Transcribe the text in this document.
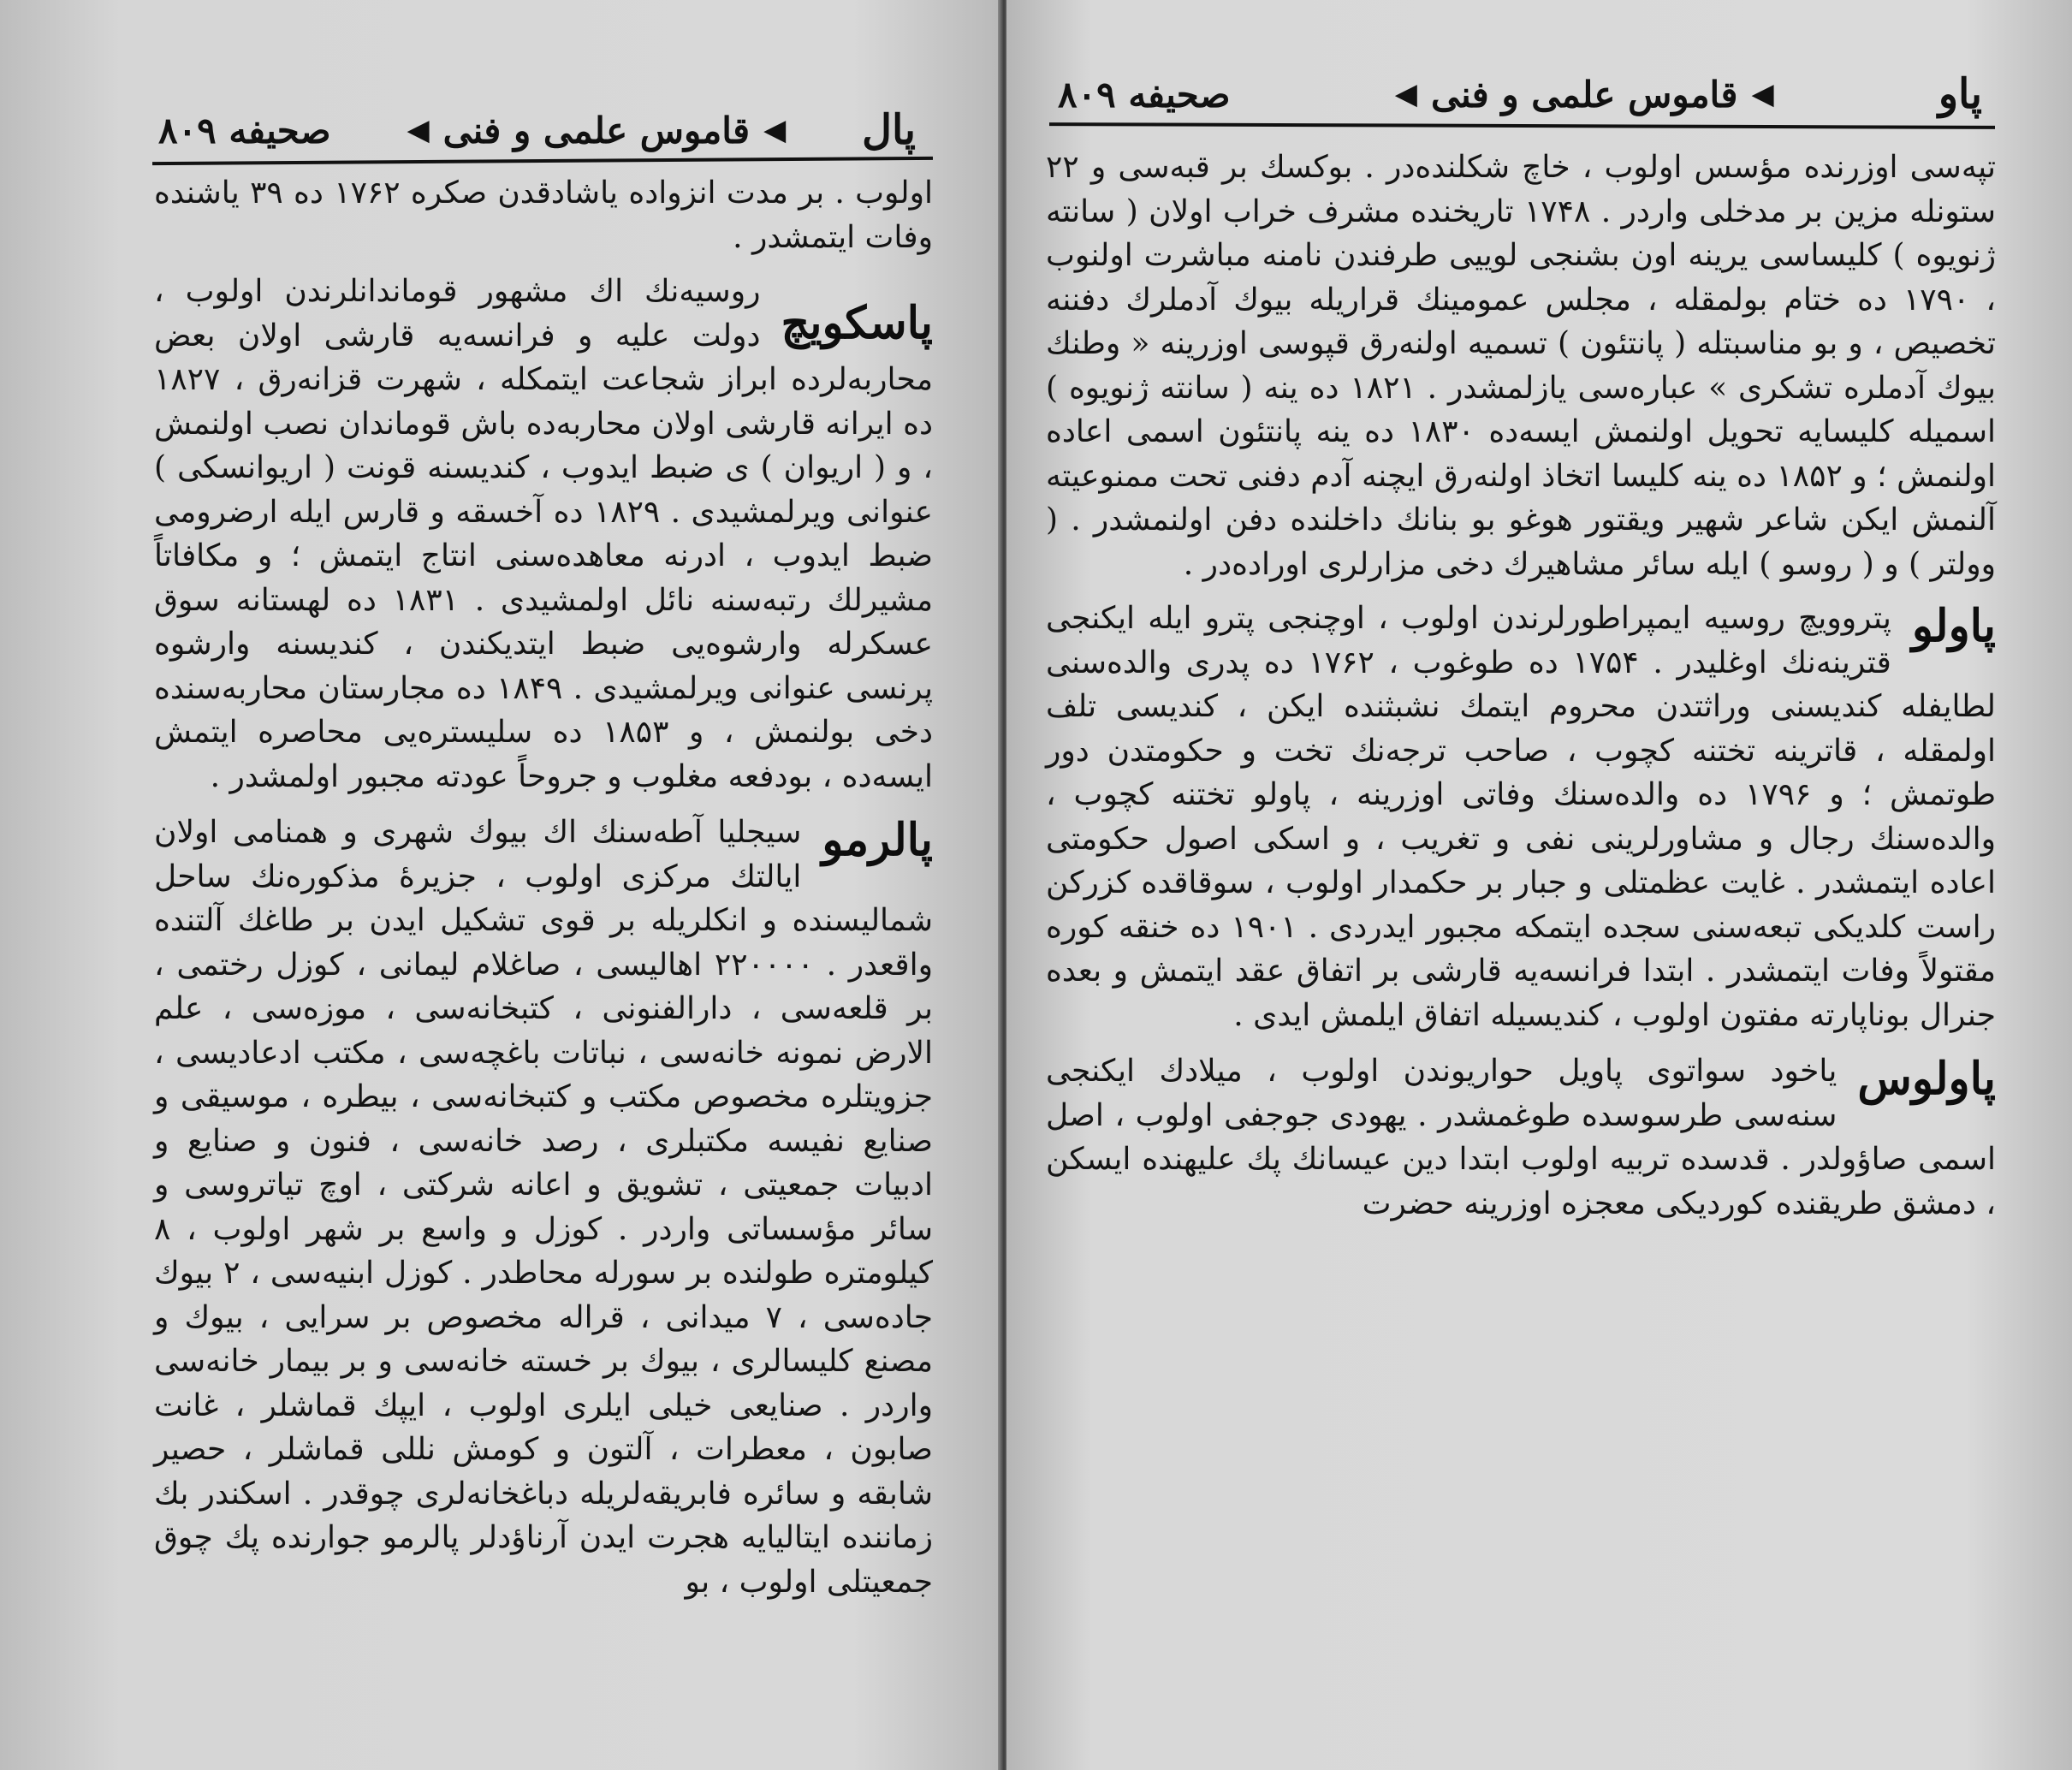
پال
◀
قاموس علمی و فنی
◀
صحیفه ۸۰۹

اولوب . بر مدت انزواده یاشادقدن صکره ۱۷۶۲ ده ۳۹ یاشنده وفات ایتمشدر .

پاسکویچ
روسیه‌نك اك مشهور قوماندانلرندن اولوب ، دولت علیه و فرانسه‌یه قارشی اولان بعض محاربه‌لرده ابراز شجاعت ایتمکله ، شهرت قزانه‌رق ، ۱۸۲۷ ده ایرانه قارشی اولان محاربه‌ده باش قوماندان نصب اولنمش ، و ( اریوان ) ی ضبط ایدوب ، کندیسنه قونت ( اریوانسکی ) عنوانی ویرلمشیدی . ۱۸۲۹ ده آخسقه و قارس ایله ارضرومی ضبط ایدوب ، ادرنه معاهده‌سنی انتاج ایتمش ؛ و مکافاتاً مشیرلك رتبه‌سنه نائل اولمشیدی . ۱۸۳۱ ده لهستانه سوق عسکرله وارشوه‌یی ضبط ایتدیکندن ، کندیسنه وارشوه پرنسی عنوانی ویرلمشیدی . ۱۸۴۹ ده مجارستان محاربه‌سنده دخی بولنمش ، و ۱۸۵۳ ده سلیستره‌یی محاصره ایتمش ایسه‌ده ، بودفعه مغلوب و جروحاً عودته مجبور اولمشدر .
پالرمو
سیجلیا آطه‌سنك اك بیوك شهری و همنامی اولان ایالتك مرکزی اولوب ، جزیرهٔ مذکوره‌نك ساحل شمالیسنده و انکلریله بر قوی تشکیل ایدن بر طاغك آلتنده واقعدر . ۲۲۰۰۰۰ اهالیسی ، صاغلام لیمانی ، کوزل رختمی ، بر قلعه‌سی ، دارالفنونی ، کتبخانه‌سی ، موزه‌سی ، علم الارض نمونه خانه‌سی ، نباتات باغچه‌سی ، مکتب ادعادیسی ، جزویتلره مخصوص مکتب و کتبخانه‌سی ، بیطره ، موسیقی و صنایع نفیسه مکتبلری ، رصد خانه‌سی ، فنون و صنایع و ادبیات جمعیتی ، تشویق و اعانه شرکتی ، اوچ تیاتروسی و سائر مؤسساتی واردر . کوزل و واسع بر شهر اولوب ، ۸ کیلومتره طولنده بر سورله محاطدر . کوزل ابنیه‌سی ، ۲ بیوك جاده‌سی ، ۷ میدانی ، قراله مخصوص بر سرایی ، بیوك و مصنع کلیسالری ، بیوك بر خسته خانه‌سی و بر بیمار خانه‌سی واردر . صنایعی خیلی ایلری اولوب ، ایپك قماشلر ، غانت صابون ، معطرات ، آلتون و کومش نللی قماشلر ، حصیر شابقه و سائره فابریقه‌لریله دباغخانه‌لری چوقدر . اسکندر بك زماننده ایتالیایه هجرت ایدن آرناؤدلر پالرمو جوارنده پك چوق جمعیتلی اولوب ، بو
پاو
◀
قاموس علمی و فنی
◀
صحیفه ۸۰۹

تپه‌سی اوزرنده مؤسس اولوب ، خاچ شکلنده‌در . بوکسك بر قبه‌سی و ۲۲ ستونله مزین بر مدخلی واردر . ۱۷۴۸ تاریخنده مشرف خراب اولان ( سانته ژنویوه ) کلیساسی یرینه اون بشنجی لوییی طرفندن نامنه مباشرت اولنوب ، ۱۷۹۰ ده ختام بولمقله ، مجلس عمومینك قراریله بیوك آدملرك دفننه تخصیص ، و بو مناسبتله ( پانتئون ) تسمیه اولنه‌رق قپوسی اوزرینه « وطنك بیوك آدملره تشکری » عباره‌سی یازلمشدر . ۱۸۲۱ ده ینه ( سانته ژنویوه ) اسمیله کلیسایه تحویل اولنمش ایسه‌ده ۱۸۳۰ ده ینه پانتئون اسمی اعاده اولنمش ؛ و ۱۸۵۲ ده ینه کلیسا اتخاذ اولنه‌رق ایچنه آدم دفنی تحت ممنوعیته آلنمش ایکن شاعر شهیر ویقتور هوغو بو بنانك داخلنده دفن اولنمشدر . ( وولتر ) و ( روسو ) ایله سائر مشاهیرك دخی مزارلری اوراده‌در .

پاولو
پتروویچ روسیه ایمپراطورلرندن اولوب ، اوچنجی پترو ایله ایکنجی قترینه‌نك اوغلیدر . ۱۷۵۴ ده طوغوب ، ۱۷۶۲ ده پدری والده‌سنی لطایفله کندیسنی وراثتدن محروم ایتمك نشبثنده ایکن ، کندیسی تلف اولمقله ، قاترینه تختنه کچوب ، صاحب ترجه‌نك تخت و حکومتدن دور طوتمش ؛ و ۱۷۹۶ ده والده‌سنك وفاتی اوزرینه ، پاولو تختنه کچوب ، والده‌سنك رجال و مشاورلرینی نفی و تغریب ، و اسکی اصول حکومتی اعاده ایتمشدر . غایت عظمتلی و جبار بر حکمدار اولوب ، سوقاقده کزرکن راست کلدیکی تبعه‌سنی سجده ایتمکه مجبور ایدردی . ۱۹۰۱ ده خنقه کوره مقتولاً وفات ایتمشدر . ابتدا فرانسه‌یه قارشی بر اتفاق عقد ایتمش و بعده جنرال بوناپارته مفتون اولوب ، کندیسیله اتفاق ایلمش ایدی .
پاولوس
یاخود سواتوی پاویل حواریوندن اولوب ، میلادك ایکنجی سنه‌سی طرسوسده طوغمشدر . یهودی جوجفی اولوب ، اصل اسمی صاؤولدر . قدسده تربیه اولوب ابتدا دین عیسانك پك علیهنده ایسکن ، دمشق طریقنده کوردیکی معجزه اوزرینه حضرت
